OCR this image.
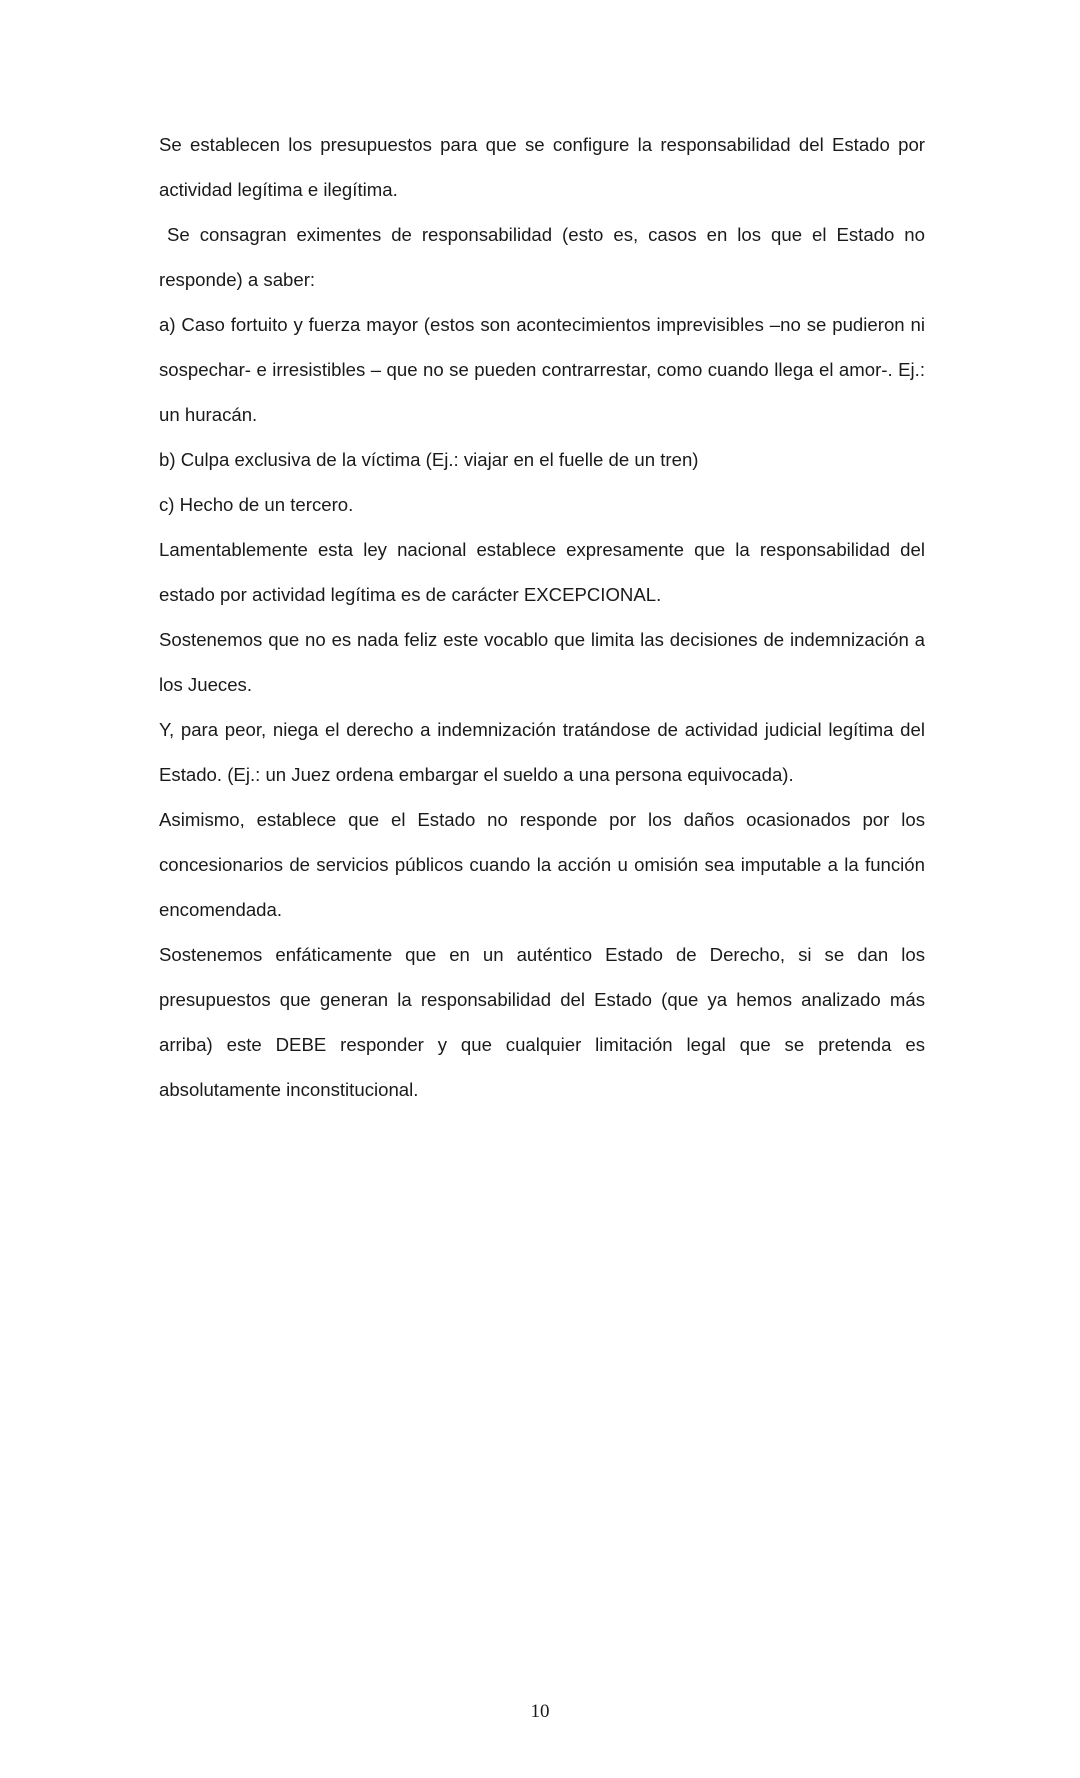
Se establecen los presupuestos para que se configure la responsabilidad del Estado por actividad legítima e ilegítima.

Se consagran eximentes de responsabilidad (esto es, casos en los que el Estado no responde) a saber:

a) Caso fortuito y fuerza mayor (estos son acontecimientos imprevisibles –no se pudieron ni sospechar- e irresistibles – que no se pueden contrarrestar, como cuando llega el amor-. Ej.: un huracán.

b) Culpa exclusiva de la víctima (Ej.: viajar en el fuelle de un tren)

c) Hecho de un tercero.

Lamentablemente esta ley nacional establece expresamente que la responsabilidad del estado por actividad legítima es de carácter EXCEPCIONAL.

Sostenemos que no es nada feliz este vocablo que limita las decisiones de indemnización a los Jueces.

Y, para peor, niega el derecho a indemnización tratándose de actividad judicial legítima del Estado. (Ej.: un Juez ordena embargar el sueldo a una persona equivocada).

Asimismo, establece que el Estado no responde por los daños ocasionados por los concesionarios de servicios públicos cuando la acción u omisión sea imputable a la función encomendada.

Sostenemos enfáticamente que en un auténtico Estado de Derecho, si se dan los presupuestos que generan la responsabilidad del Estado (que ya hemos analizado más arriba) este DEBE responder y que cualquier limitación legal que se pretenda es absolutamente inconstitucional.

10
